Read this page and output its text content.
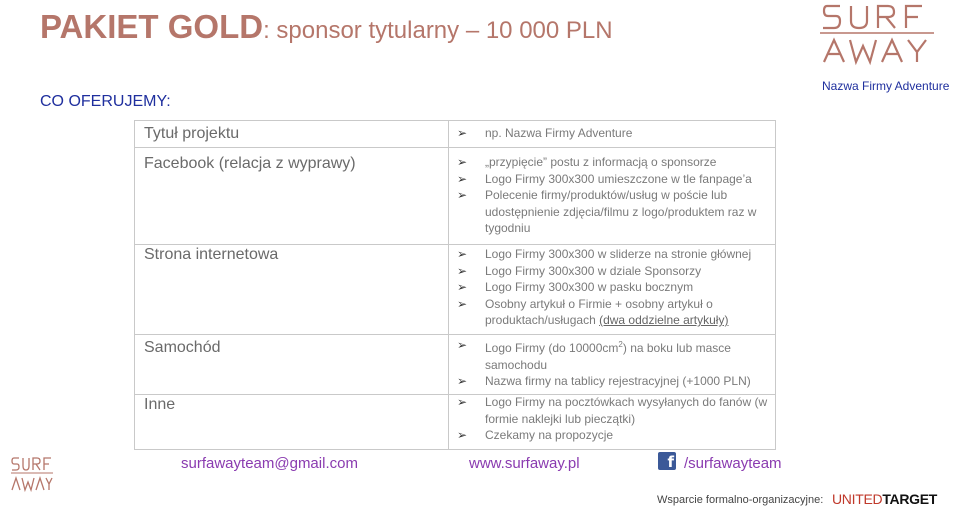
PAKIET GOLD: sponsor tytularny – 10 000 PLN
CO OFERUJEMY:
Nazwa Firmy Adventure
Tytuł projektu	➢ np. Nazwa Firmy Adventure
Facebook (relacja z wyprawy)	➢ „przypięcie” postu z informacją o sponsorze
➢ Logo Firmy 300x300 umieszczone w tle fanpage’a
➢ Polecenie firmy/produktów/usług w poście lub udostępnienie zdjęcia/filmu z logo/produktem raz w tygodniu
Strona internetowa	➢ Logo Firmy 300x300 w sliderze na stronie głównej
➢ Logo Firmy 300x300 w dziale Sponsorzy
➢ Logo Firmy 300x300 w pasku bocznym
➢ Osobny artykuł o Firmie + osobny artykuł o produktach/usługach (dwa oddzielne artykuły)
Samochód	➢ Logo Firmy (do $10000cm^2$) na boku lub masce samochodu
➢ Nazwa firmy na tablicy rejestracyjnej (+1000 PLN)
Inne	➢ Logo Firmy na pocztówkach wysyłanych do fanów (w formie naklejki lub pieczątki)
➢ Czekamy na propozycje
surfawayteam@gmail.com	www.surfaway.pl	f /surfawayteam
Wsparcie formalno-organizacyjne: UNITEDTARGET
